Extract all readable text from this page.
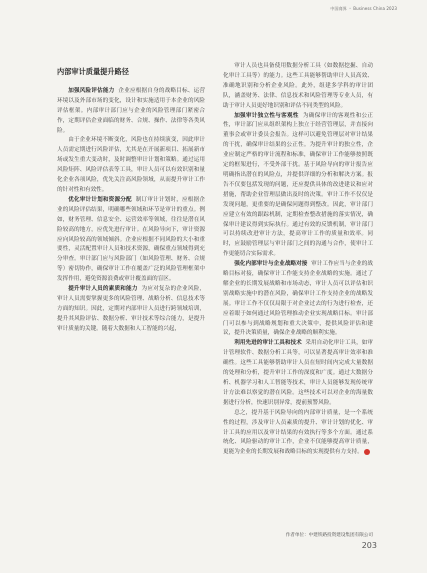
中国商界 • Business China 2023

内部审计质量提升路径

加强风险评估能力 企业应根据自身的战略目标、运营环境以及外部市场的变化，设计和实施适用于本企业的风险评估框架。内部审计部门应与企业的风险管理部门紧密合作，定期评估企业面临的财务、合规、操作、法律等各类风险。

由于企业环境不断变化，风险也在持续演变，因此审计人员需定期进行风险评估，尤其是在开展新项目、拓展新市场或发生重大变动时，及时调整审计计划和策略。通过运用风险矩阵、风险评估表等工具，审计人员可以有效识别和量化企业各项风险，优先关注高风险领域，从而提升审计工作的针对性和有效性。

优化审计计划和资源分配 制订审计计划时，应根据企业的风险评估结果，明确哪些领域和环节是审计的重点。例如，财务管理、信息安全、运营效率等领域，往往是潜在风险较高的地方，应优先进行审计。在风险导向下，审计资源应向风险较高的领域倾斜。企业应根据不同风险的大小和重要性，灵活配置审计人员和技术资源，确保重点领域得到充分审查。审计部门应与风险部门（如风险管理、财务、合规等）密切协作，确保审计工作在覆盖广泛的风险管理框架中发挥作用，避免资源浪费或审计覆盖面的盲区。

提升审计人员的素质和能力 为应对复杂的企业风险，审计人员需要掌握更多的风险管理、战略分析、信息技术等方面的知识。因此，定期对内部审计人员进行跨领域培训，提升其风险评估、数据分析、审计技术等综合能力，是提升审计质量的关键。随着大数据和人工智能的兴起，

审计人员也具备使用数据分析工具（如数据挖掘、自动化审计工具等）的能力。这些工具能够帮助审计人员高效、准确地识别和分析企业风险。此外，组建多学科的审计团队，涵盖财务、法律、信息技术和风险管理等专业人员，有助于审计人员更好地识别和评估不同类型的风险。

加强审计独立性与客观性 为确保审计的客观性和公正性，审计部门应从组织架构上独立于经营管理层，并直接向董事会或审计委员会报告。这样可以避免管理层对审计结果的干扰，确保审计结果的公正性。为提升审计的独立性，企业应制定严格的审计流程和标准，确保审计工作能够按照既定的框架进行，不受外部干扰。基于风险导向的审计报告应明确指出潜在的风险点，并提供详细的分析和解决方案。报告不仅要包括发现的问题，还应提供具体的改进建议和应对措施，帮助企业管理层做出及时的决策。审计工作不仅仅是发现问题，更重要的是确保问题得到整改。因此，审计部门应建立有效的跟踪机制，定期检查整改措施的落实情况，确保审计建议得到实际执行。通过有效的反馈机制，审计部门可以持续改进审计方法，提高审计工作的质量和效率。同时，应鼓励管理层与审计部门之间的沟通与合作，使审计工作更能切合实际需求。

强化内部审计与企业战略对接 审计工作应当与企业的战略目标对接，确保审计工作能支持企业战略的实施。通过了解企业的长期发展战略和市场动态，审计人员可以评估和识别战略实施中的潜在风险，确保审计工作支持企业的战略发展。审计工作不仅仅局限于对企业过去的行为进行检查，还应着眼于如何通过风险管理推动企业实现战略目标。审计部门可以参与到战略规划和重大决策中，提供风险评估和建议，提升决策质量，确保企业战略的顺利实施。

利用先进的审计工具和技术 采用自动化审计工具，如审计管理软件、数据分析工具等，可以显著提高审计效率和准确性。这些工具能够帮助审计人员在短时间内完成大量数据的处理和分析，提升审计工作的深度和广度。通过大数据分析、机器学习和人工智能等技术，审计人员能够发现传统审计方法难以察觉的潜在风险。这些技术可以对企业的海量数据进行分析，快速识别异常，提前预警风险。

总之，提升基于风险导向的内部审计质量，是一个系统性的过程，涉及审计人员素质的提升、审计计划的优化、审计工具的应用以及审计结果的有效执行等多个方面。通过系统化、风险驱动的审计工作，企业不仅能够提高审计质量，更能为企业的长期发展和战略目标的实现提供有力支持。

作者单位：中建铁路投资建设集团有限公司
203
